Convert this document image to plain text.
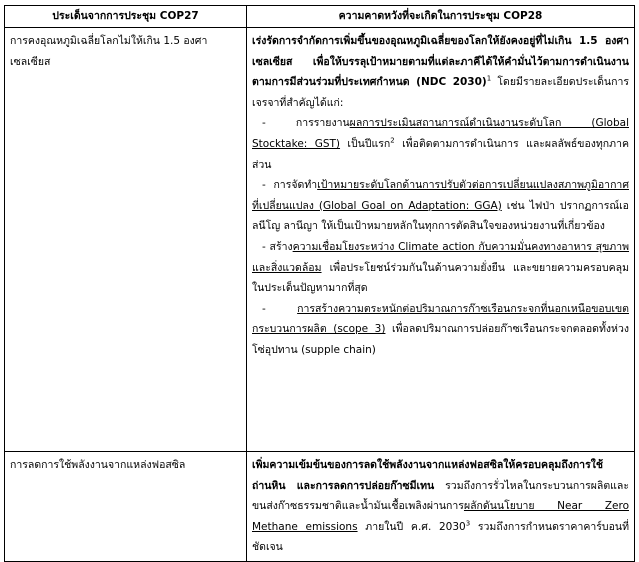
ประเด็นจากการประชุม COP27	ความคาดหวังที่จะเกิดในการประชุม COP28
การคงอุณหภูมิเฉลี่ยโลกไม่ให้เกิน 1.5 องศาเซลเซียส	เร่งรัดการจำกัดการเพิ่มขึ้นของอุณหภูมิเฉลี่ยของโลกให้ยังคงอยู่ที่ไม่เกิน 1.5 องศาเซลเซียส เพื่อให้บรรลุเป้าหมายตามที่แต่ละภาคีได้ให้คำมั่นไว้ตามการดำเนินงานตามการมีส่วนร่วมที่ประเทศกำหนด (NDC 2030)$^1$ โดยมีรายละเอียดประเด็นการเจรจาที่สำคัญได้แก่:
- การรายงานผลการประเมินสถานการณ์ดำเนินงานระดับโลก (Global Stocktake: GST) เป็นปีแรก$^2$ เพื่อติดตามการดำเนินการ และผลลัพธ์ของทุกภาคส่วน
- การจัดทำเป้าหมายระดับโลกด้านการปรับตัวต่อการเปลี่ยนแปลงสภาพภูมิอากาศที่เปลี่ยนแปลง (Global Goal on Adaptation: GGA) เช่น ไฟป่า ปรากฏการณ์เอลนีโญ ลานีญา ให้เป็นเป้าหมายหลักในทุกการตัดสินใจของหน่วยงานที่เกี่ยวข้อง
- สร้างความเชื่อมโยงระหว่าง Climate action กับความมั่นคงทางอาหาร สุขภาพและสิ่งแวดล้อม เพื่อประโยชน์ร่วมกันในด้านความยั่งยืน และขยายความครอบคลุมในประเด็นปัญหามากที่สุด
- การสร้างความตระหนักต่อปริมาณการก๊าซเรือนกระจกที่นอกเหนือขอบเขตกระบวนการผลิต (scope 3) เพื่อลดปริมาณการปล่อยก๊าซเรือนกระจกตลอดทั้งห่วงโซ่อุปทาน (supple chain)

การลดการใช้พลังงานจากแหล่งฟอสซิล	เพิ่มความเข้มข้นของการลดใช้พลังงานจากแหล่งฟอสซิลให้ครอบคลุมถึงการใช้ถ่านหิน และการลดการปล่อยก๊าซมีเทน รวมถึงการรั่วไหลในกระบวนการผลิตและขนส่งก๊าซธรรมชาติและน้ำมันเชื้อเพลิงผ่านการผลักดันนโยบาย Near Zero Methane emissions ภายในปี ค.ศ. 2030$^3$ รวมถึงการกำหนดราคาคาร์บอนที่ชัดเจน
